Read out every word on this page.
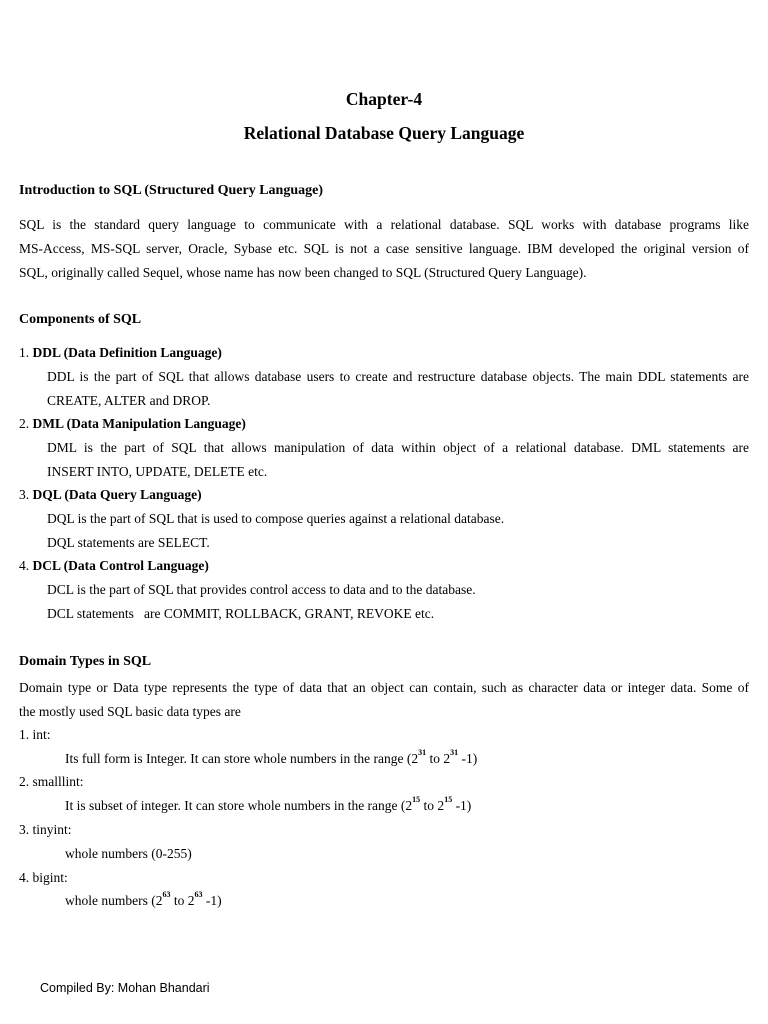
Chapter-4
Relational Database Query Language
Introduction to SQL (Structured Query Language)
SQL is the standard query language to communicate with a relational database. SQL works with database programs like
MS-Access, MS-SQL server, Oracle, Sybase etc. SQL is not a case sensitive language. IBM developed the original version of
SQL, originally called Sequel, whose name has now been changed to SQL (Structured Query Language).
Components of SQL
1. DDL (Data Definition Language)
DDL is the part of SQL that allows database users to create and restructure database objects. The main DDL statements are
CREATE, ALTER and DROP.
2. DML (Data Manipulation Language)
DML is the part of SQL that allows manipulation of data within object of a relational database. DML statements are
INSERT INTO, UPDATE, DELETE etc.
3. DQL (Data Query Language)
DQL is the part of SQL that is used to compose queries against a relational database.
DQL statements are SELECT.
4. DCL (Data Control Language)
DCL is the part of SQL that provides control access to data and to the database.
DCL statements   are COMMIT, ROLLBACK, GRANT, REVOKE etc.
Domain Types in SQL
Domain type or Data type represents the type of data that an object can contain, such as character data or integer data. Some of
the mostly used SQL basic data types are
1. int:
Its full form is Integer. It can store whole numbers in the range ($2^{31}$ to $2^{31}$ -1)
2. smalllint:
It is subset of integer. It can store whole numbers in the range ($2^{15}$ to $2^{15}$ -1)
3. tinyint:
whole numbers (0-255)
4. bigint:
whole numbers ($2^{63}$ to $2^{63}$ -1)
Compiled By: Mohan Bhandari
